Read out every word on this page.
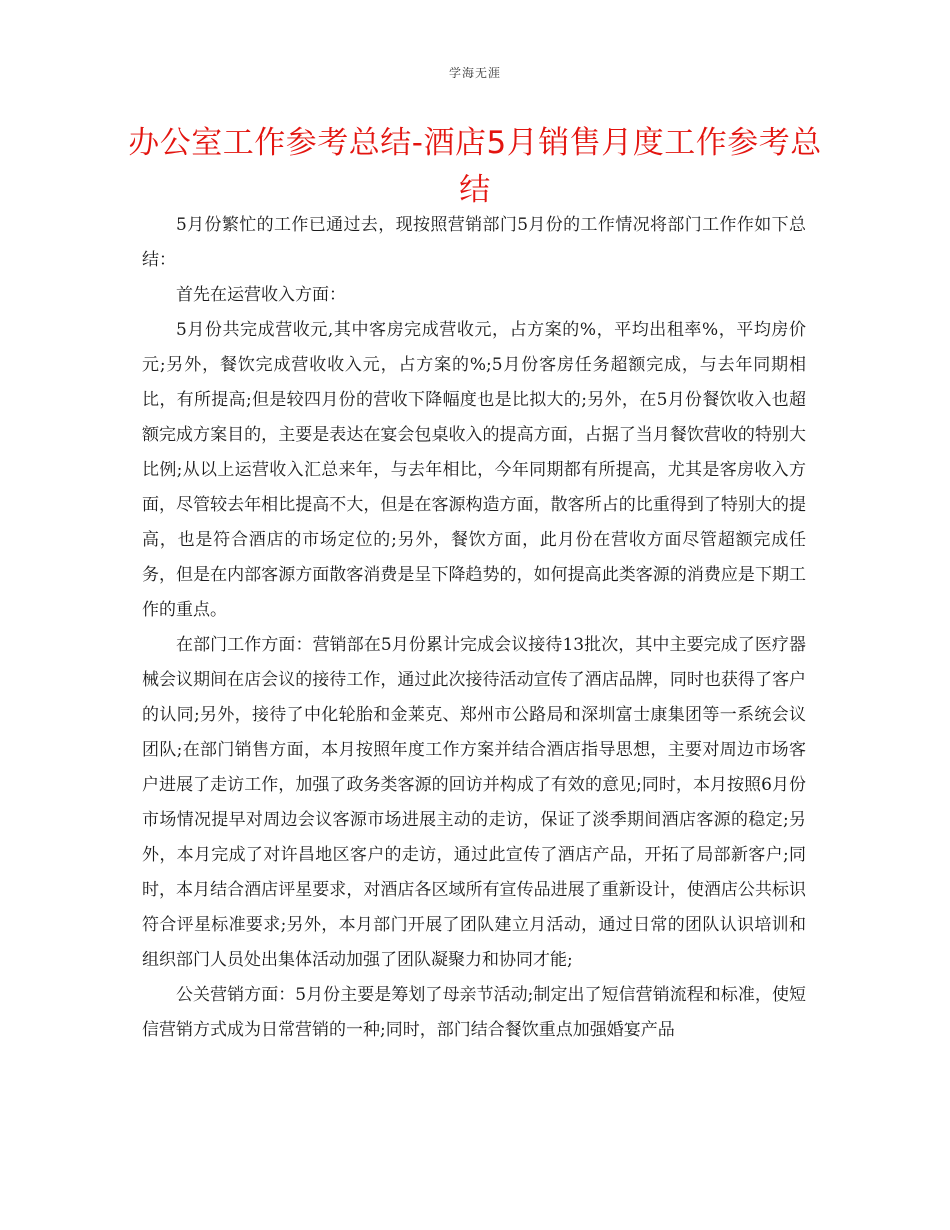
学海无涯
办公室工作参考总结-酒店5月销售月度工作参考总结

5月份繁忙的工作已通过去，现按照营销部门5月份的工作情况将部门工作作如下总结：

首先在运营收入方面：

5月份共完成营收元,其中客房完成营收元，占方案的%，平均出租率%，平均房价元;另外，餐饮完成营收收入元，占方案的%;5月份客房任务超额完成，与去年同期相比，有所提高;但是较四月份的营收下降幅度也是比拟大的;另外，在5月份餐饮收入也超额完成方案目的，主要是表达在宴会包桌收入的提高方面，占据了当月餐饮营收的特别大比例;从以上运营收入汇总来年，与去年相比，今年同期都有所提高，尤其是客房收入方面，尽管较去年相比提高不大，但是在客源构造方面，散客所占的比重得到了特别大的提高，也是符合酒店的市场定位的;另外，餐饮方面，此月份在营收方面尽管超额完成任务，但是在内部客源方面散客消费是呈下降趋势的，如何提高此类客源的消费应是下期工作的重点。

在部门工作方面：营销部在5月份累计完成会议接待13批次，其中主要完成了医疗器械会议期间在店会议的接待工作，通过此次接待活动宣传了酒店品牌，同时也获得了客户的认同;另外，接待了中化轮胎和金莱克、郑州市公路局和深圳富士康集团等一系统会议团队;在部门销售方面，本月按照年度工作方案并结合酒店指导思想，主要对周边市场客户进展了走访工作，加强了政务类客源的回访并构成了有效的意见;同时，本月按照6月份市场情况提早对周边会议客源市场进展主动的走访，保证了淡季期间酒店客源的稳定;另外，本月完成了对许昌地区客户的走访，通过此宣传了酒店产品，开拓了局部新客户;同时，本月结合酒店评星要求，对酒店各区域所有宣传品进展了重新设计，使酒店公共标识符合评星标准要求;另外，本月部门开展了团队建立月活动，通过日常的团队认识培训和组织部门人员处出集体活动加强了团队凝聚力和协同才能;

公关营销方面：5月份主要是筹划了母亲节活动;制定出了短信营销流程和标准，使短信营销方式成为日常营销的一种;同时，部门结合餐饮重点加强婚宴产品
